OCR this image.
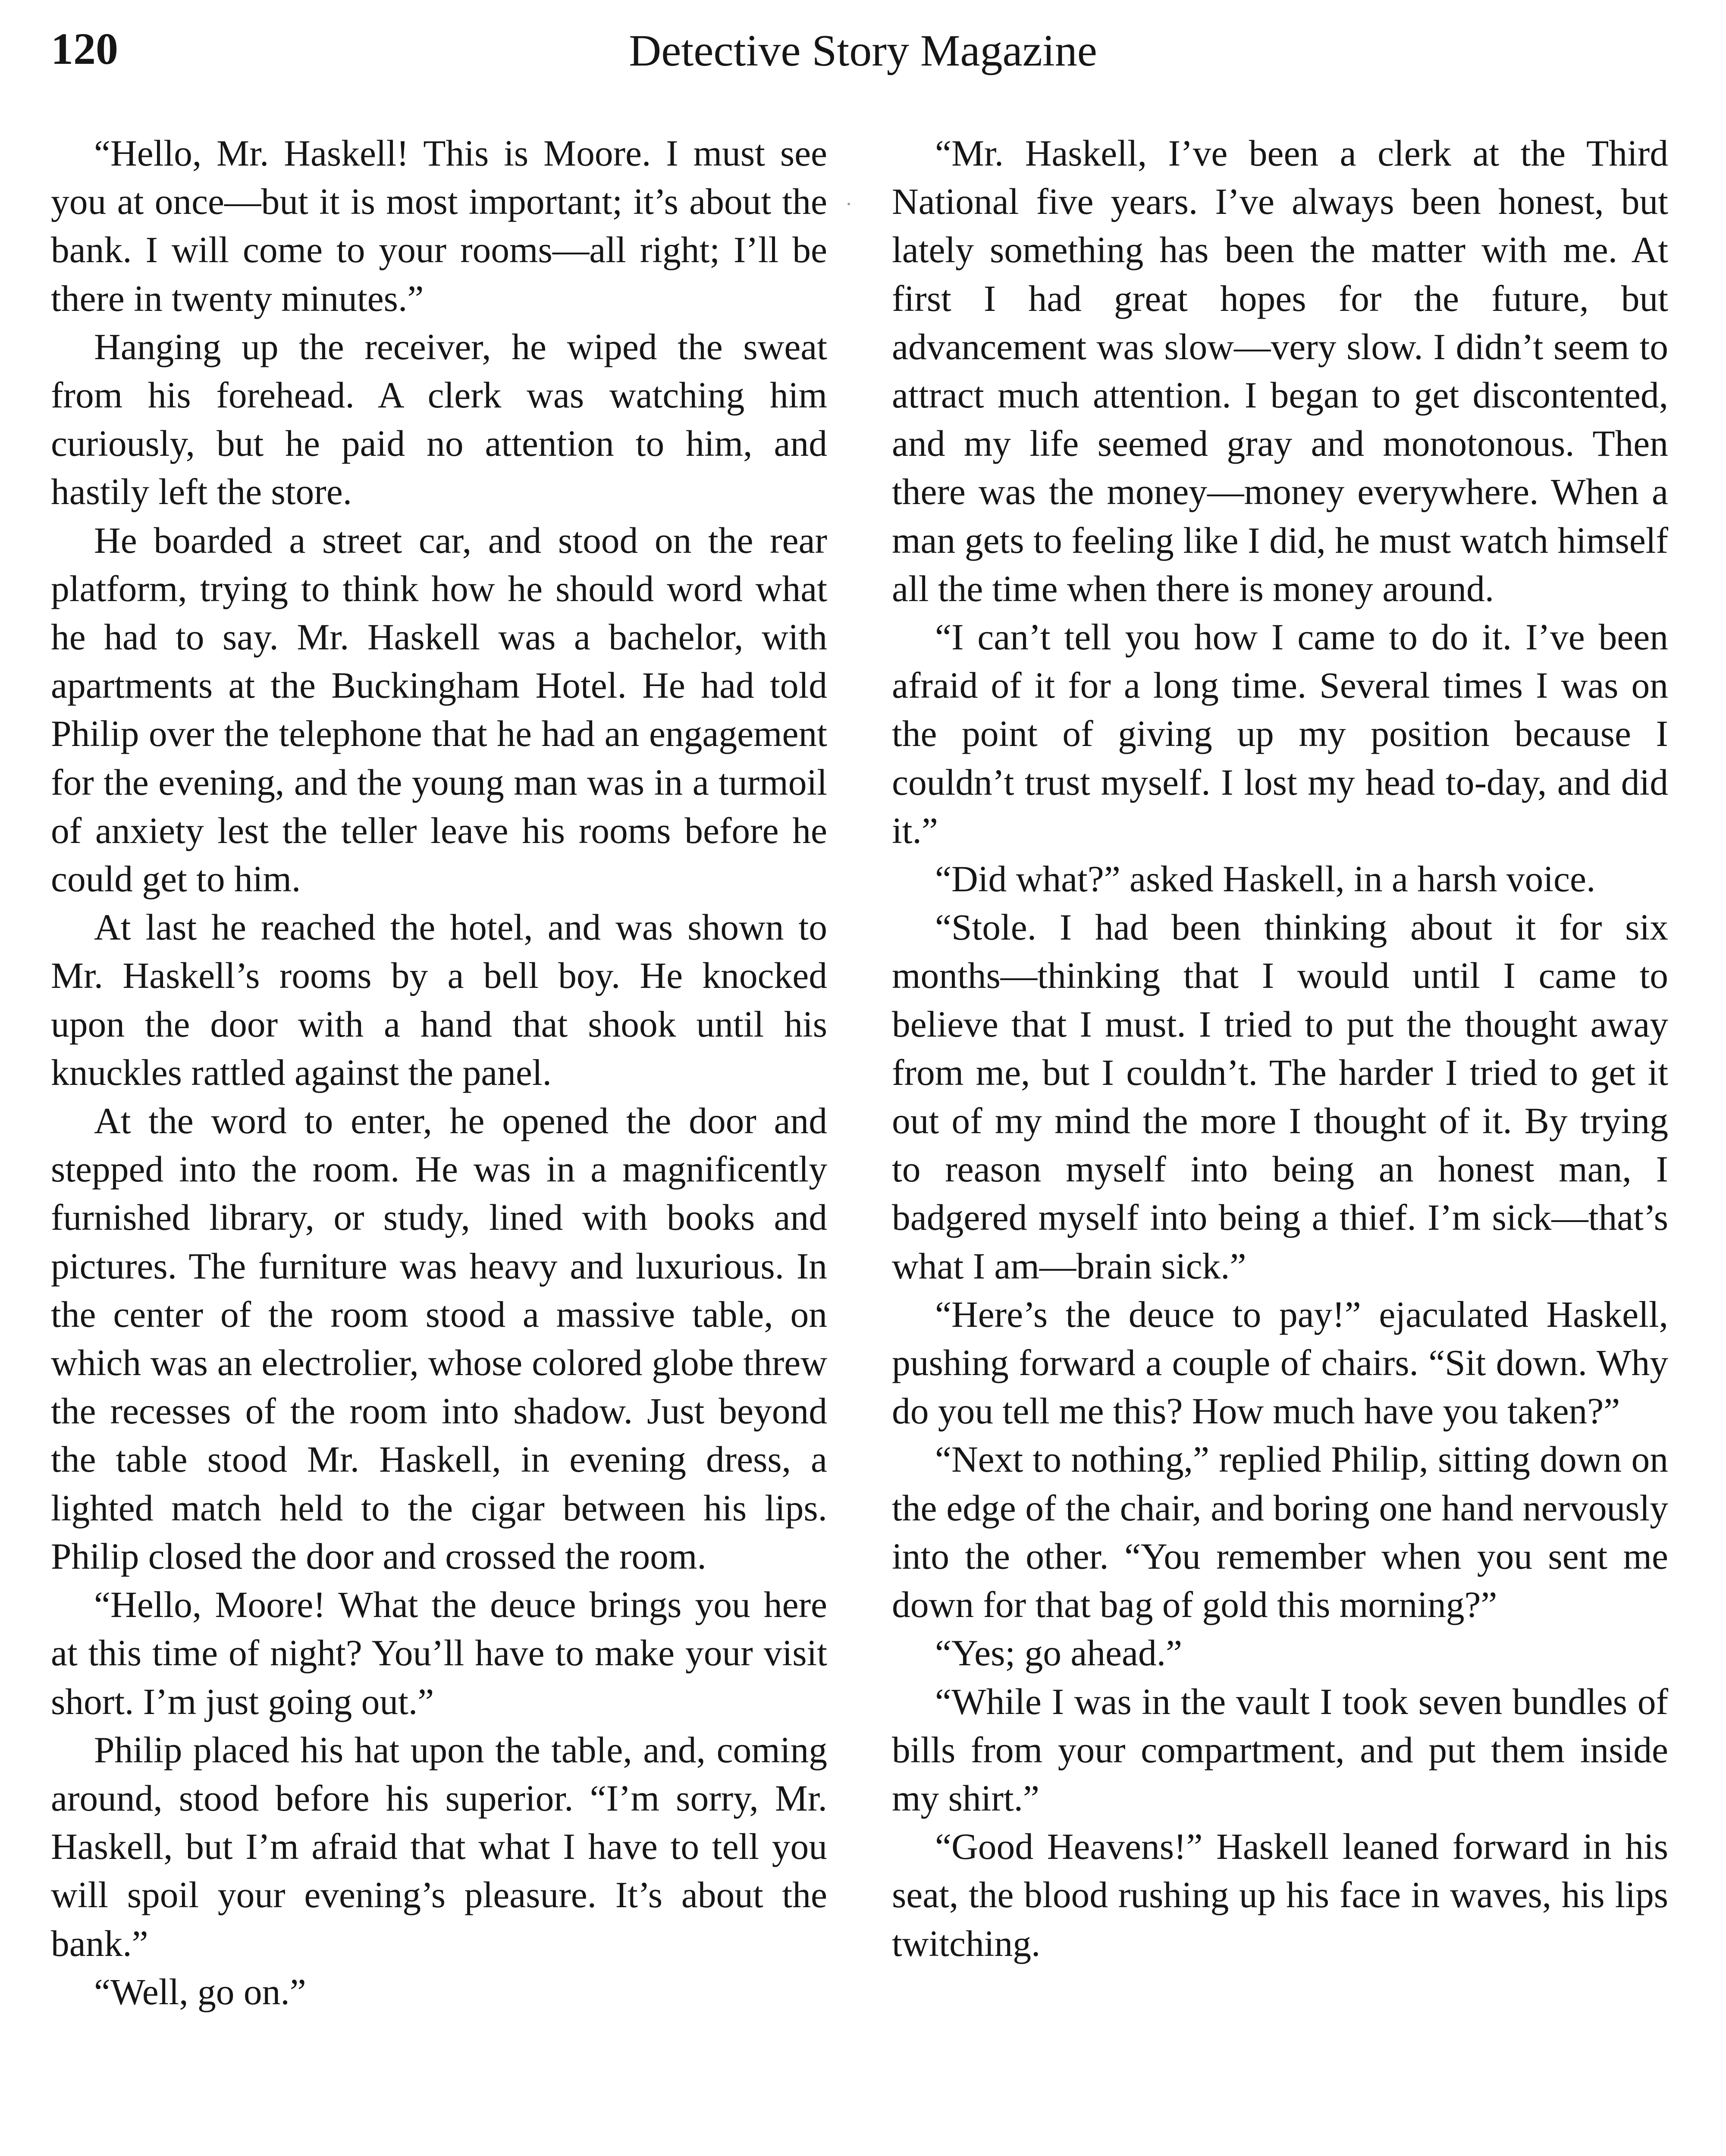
120	Detective Story Magazine

“Hello, Mr. Haskell! This is Moore. I must see you at once—but it is most important; it’s about the bank. I will come to your rooms—all right; I’ll be there in twenty minutes.”

Hanging up the receiver, he wiped the sweat from his forehead. A clerk was watching him curiously, but he paid no attention to him, and hastily left the store.

He boarded a street car, and stood on the rear platform, trying to think how he should word what he had to say. Mr. Haskell was a bachelor, with apartments at the Buckingham Hotel. He had told Philip over the telephone that he had an engagement for the evening, and the young man was in a turmoil of anxiety lest the teller leave his rooms before he could get to him.

At last he reached the hotel, and was shown to Mr. Haskell’s rooms by a bell boy. He knocked upon the door with a hand that shook until his knuckles rattled against the panel.

At the word to enter, he opened the door and stepped into the room. He was in a magnificently furnished library, or study, lined with books and pictures. The furniture was heavy and luxurious. In the center of the room stood a massive table, on which was an electrolier, whose colored globe threw the recesses of the room into shadow. Just beyond the table stood Mr. Haskell, in evening dress, a lighted match held to the cigar between his lips. Philip closed the door and crossed the room.

“Hello, Moore! What the deuce brings you here at this time of night? You’ll have to make your visit short. I’m just going out.”

Philip placed his hat upon the table, and, coming around, stood before his superior. “I’m sorry, Mr. Haskell, but I’m afraid that what I have to tell you will spoil your evening’s pleasure. It’s about the bank.”

“Well, go on.”

“Mr. Haskell, I’ve been a clerk at the Third National five years. I’ve always been honest, but lately something has been the matter with me. At first I had great hopes for the future, but advancement was slow—very slow. I didn’t seem to attract much attention. I began to get discontented, and my life seemed gray and monotonous. Then there was the money—money everywhere. When a man gets to feeling like I did, he must watch himself all the time when there is money around.

“I can’t tell you how I came to do it. I’ve been afraid of it for a long time. Several times I was on the point of giving up my position because I couldn’t trust myself. I lost my head to-day, and did it.”

“Did what?” asked Haskell, in a harsh voice.

“Stole. I had been thinking about it for six months—thinking that I would until I came to believe that I must. I tried to put the thought away from me, but I couldn’t. The harder I tried to get it out of my mind the more I thought of it. By trying to reason myself into being an honest man, I badgered myself into being a thief. I’m sick—that’s what I am—brain sick.”

“Here’s the deuce to pay!” ejaculated Haskell, pushing forward a couple of chairs. “Sit down. Why do you tell me this? How much have you taken?”

“Next to nothing,” replied Philip, sitting down on the edge of the chair, and boring one hand nervously into the other. “You remember when you sent me down for that bag of gold this morning?”

“Yes; go ahead.”

“While I was in the vault I took seven bundles of bills from your compartment, and put them inside my shirt.”

“Good Heavens!” Haskell leaned forward in his seat, the blood rushing up his face in waves, his lips twitching.
